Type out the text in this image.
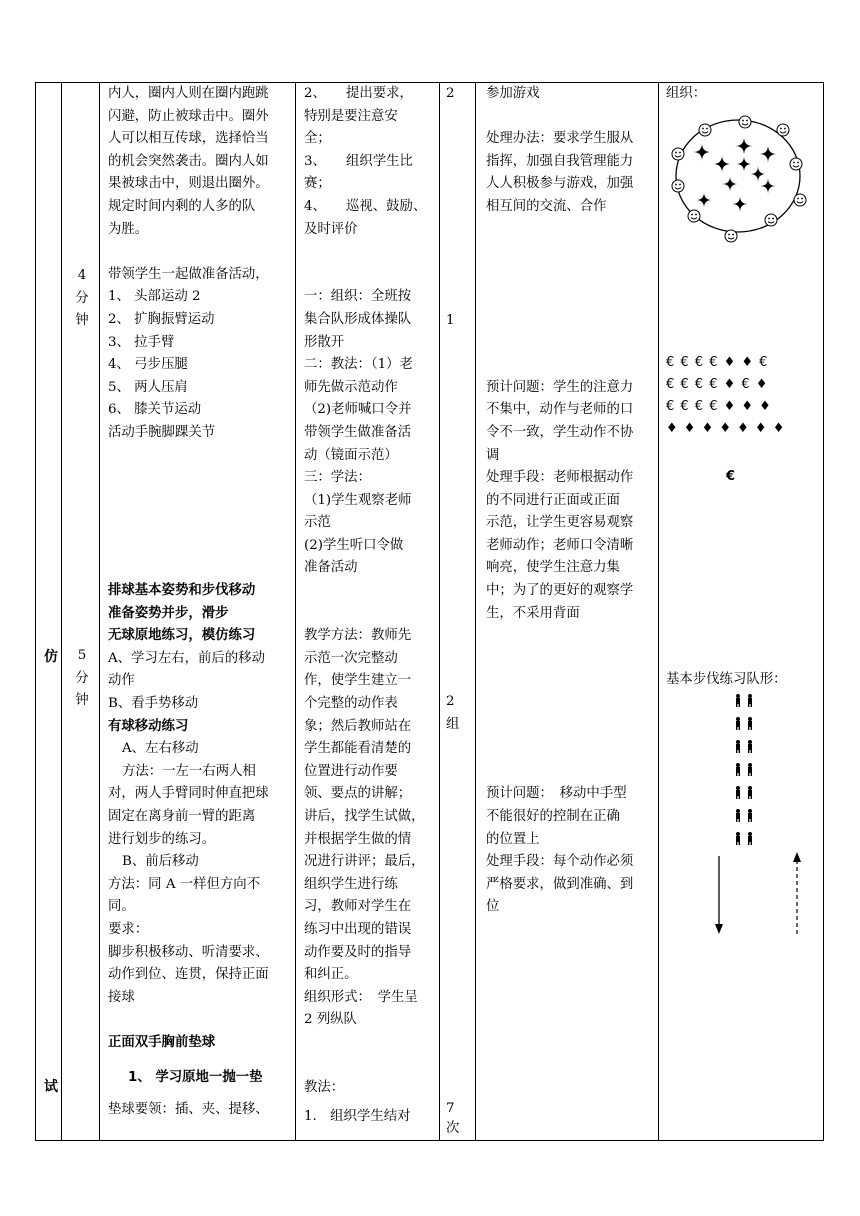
仿
试
4
分
钟
5
分
钟
内人，圈内人则在圈内跑跳
闪避，防止被球击中。圈外
人可以相互传球，选择恰当
的机会突然袭击。圈内人如
果被球击中，则退出圈外。
规定时间内剩的人多的队
为胜。
带领学生一起做准备活动，
1、 头部运动 2
2、 扩胸振臂运动
3、 拉手臂
4、 弓步压腿
5、 两人压肩
6、 膝关节运动
活动手腕脚踝关节
排球基本姿势和步伐移动
准备姿势并步，滑步
无球原地练习，模仿练习
A、学习左右，前后的移动
动作
B、看手势移动
有球移动练习
A、左右移动
方法：一左一右两人相
对，两人手臂同时伸直把球
固定在离身前一臂的距离
进行划步的练习。
B、前后移动
方法：同 A 一样但方向不
同。
要求：
脚步积极移动、听清要求、
动作到位、连贯，保持正面
接球
正面双手胸前垫球
1、 学习原地一抛一垫
垫球要领：插、夹、提移、
2、　　提出要求，
特别是要注意安
全；
3、　　组织学生比
赛；
4、　　巡视、鼓励、
及时评价
一：组织：全班按
集合队形成体操队
形散开
二：教法：（1）老
师先做示范动作
（2)老师喊口令并
带领学生做准备活
动（镜面示范）
三：学法：
（1)学生观察老师
示范
(2)学生听口令做
准备活动
教学方法：教师先
示范一次完整动
作，使学生建立一
个完整的动作表
象；然后教师站在
学生都能看清楚的
位置进行动作要
领、要点的讲解；
讲后，找学生试做，
并根据学生做的情
况进行讲评；最后，
组织学生进行练
习，教师对学生在
练习中出现的错误
动作要及时的指导
和纠正。
组织形式：　学生呈
2 列纵队
教法：
1.　组织学生结对
2
1
2
组
7
次
参加游戏
处理办法：要求学生服从
指挥，加强自我管理能力
人人积极参与游戏，加强
相互间的交流、合作
预计问题：学生的注意力
不集中，动作与老师的口
令不一致，学生动作不协
调
处理手段：老师根据动作
的不同进行正面或正面
示范，让学生更容易观察
老师动作；老师口令清晰
响亮，使学生注意力集
中；为了的更好的观察学
生，不采用背面
预计问题：　移动中手型
不能很好的控制在正确
的位置上
处理手段：每个动作必须
严格要求，做到准确、到
位
组织：
€ € € € ♦ ♦ €
€ € € € ♦ € ♦
€ € € € ♦ ♦ ♦
♦ ♦ ♦ ♦ ♦ ♦ ♦
€
基本步伐练习队形：
